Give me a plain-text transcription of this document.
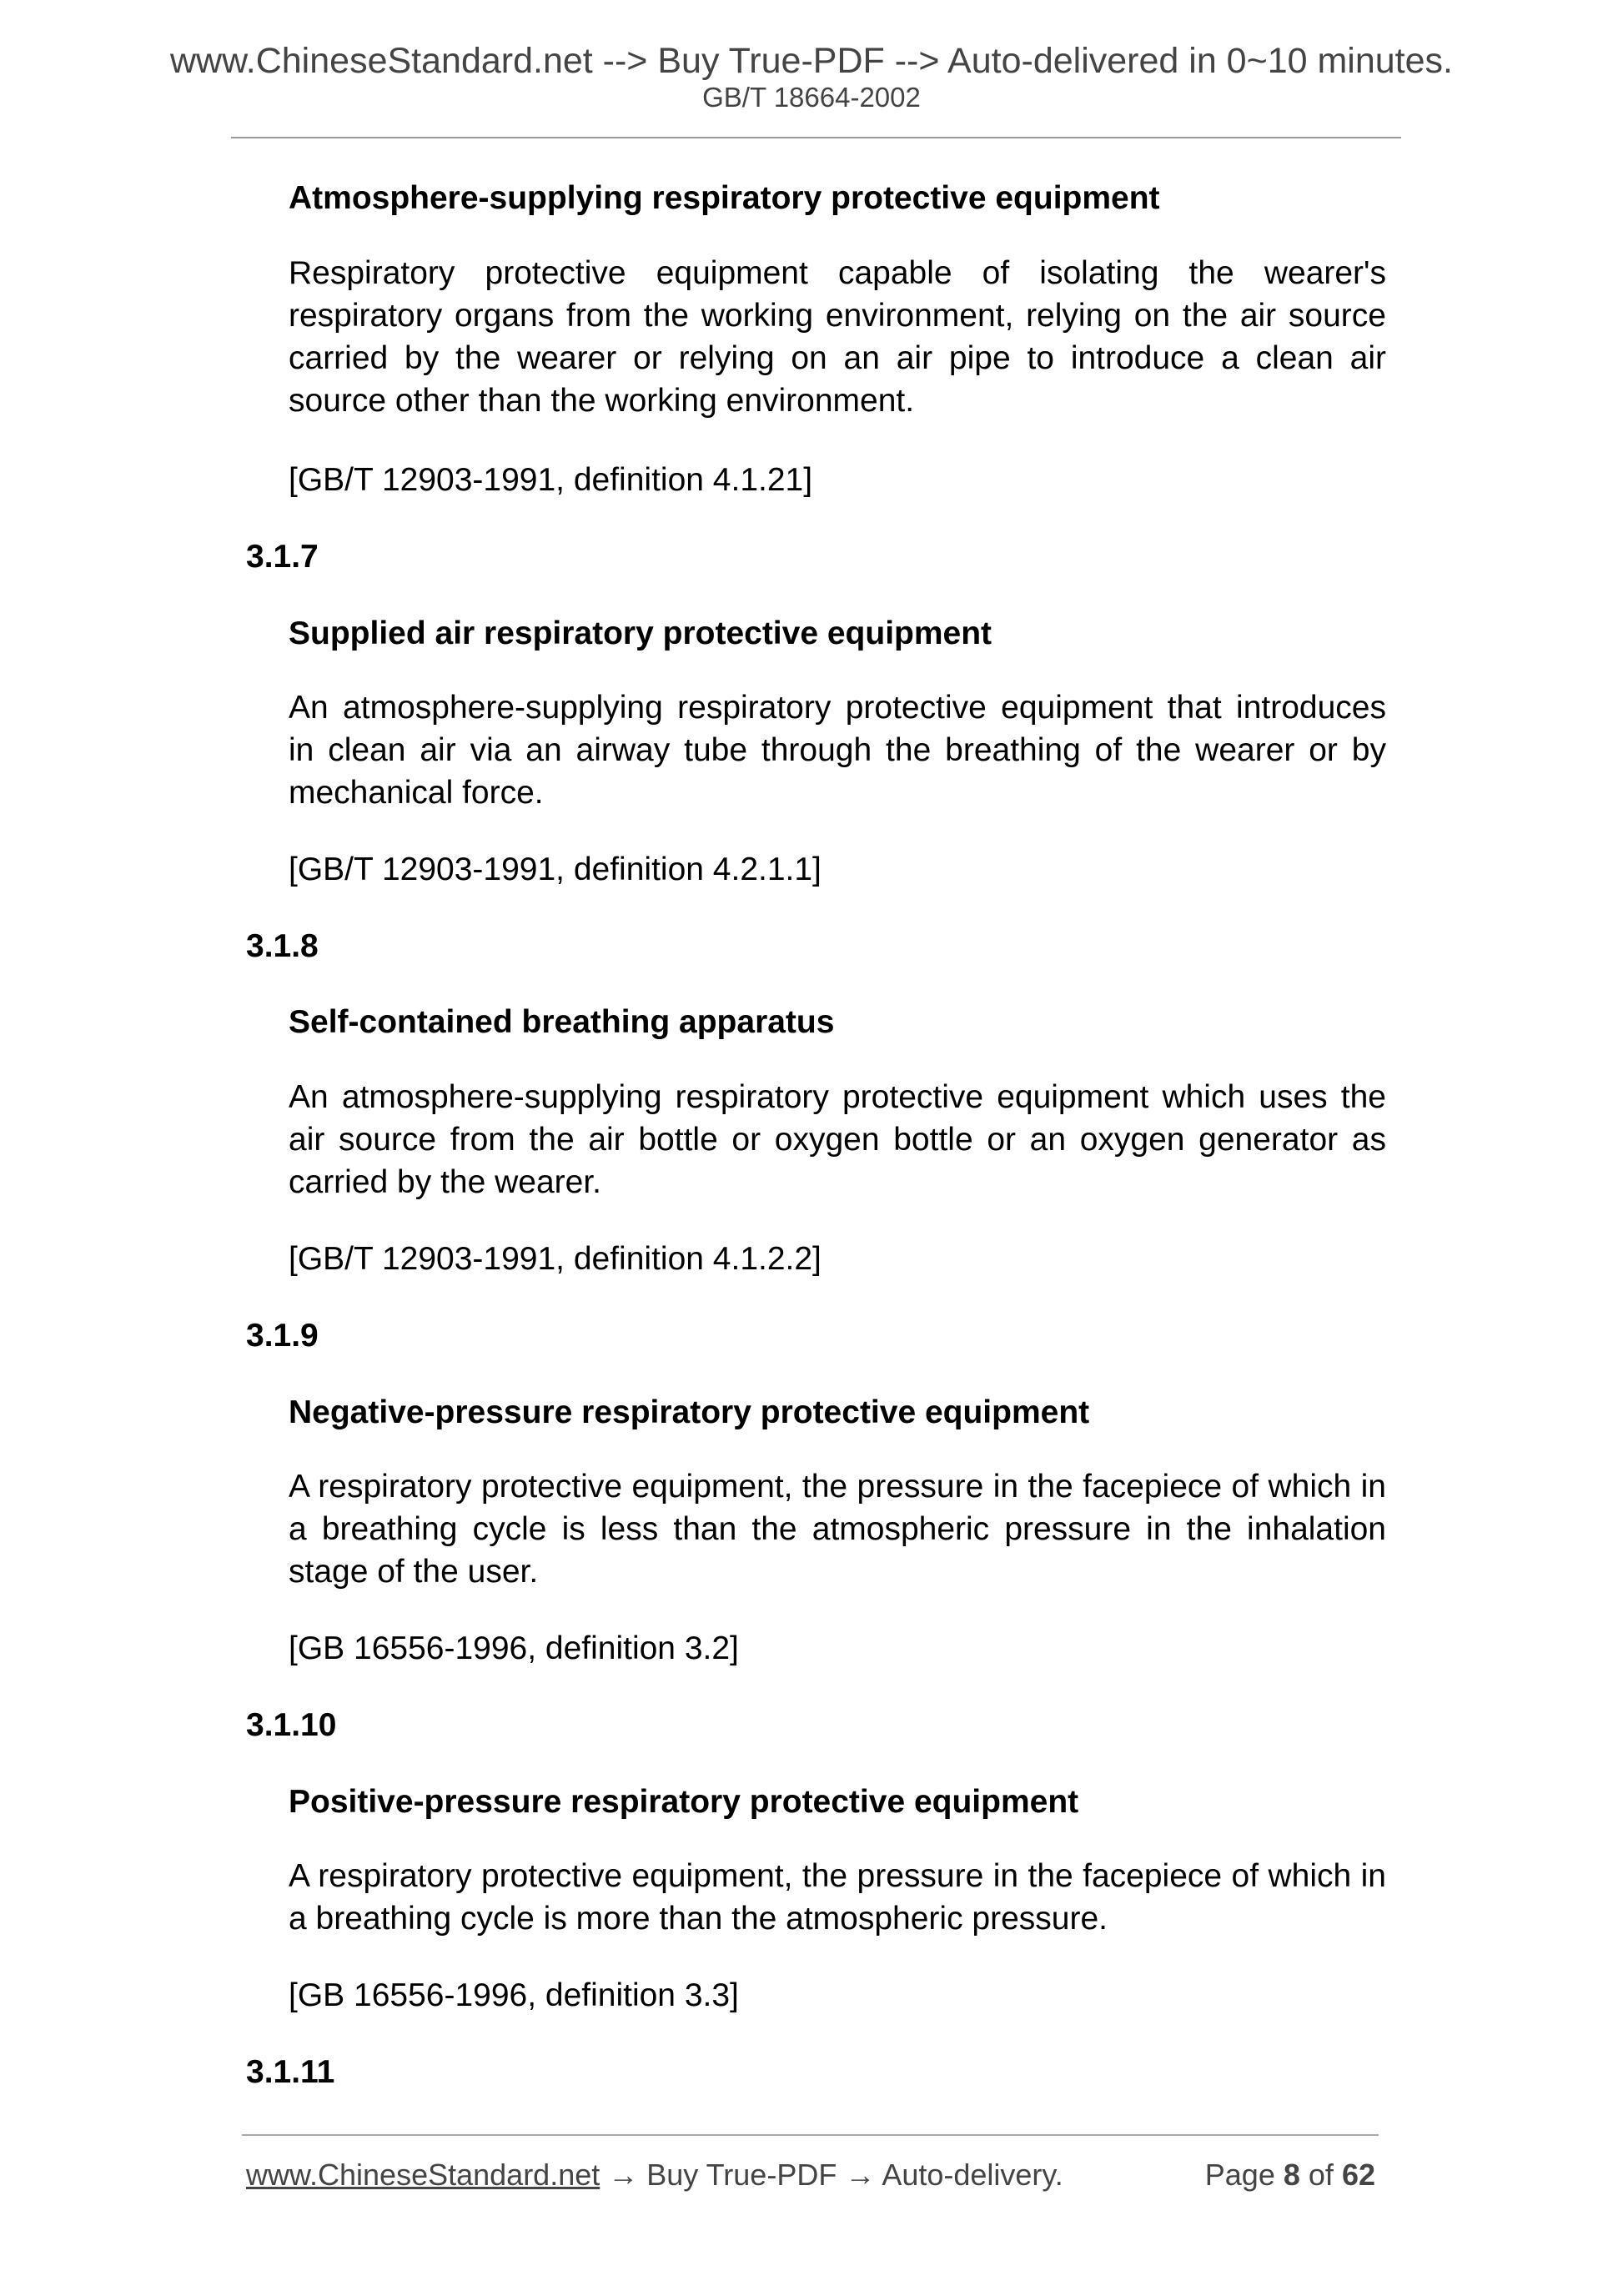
www.ChineseStandard.net --> Buy True-PDF --> Auto-delivered in 0~10 minutes.
GB/T 18664-2002
Atmosphere-supplying respiratory protective equipment
Respiratory protective equipment capable of isolating the wearer's respiratory organs from the working environment, relying on the air source carried by the wearer or relying on an air pipe to introduce a clean air source other than the working environment.
[GB/T 12903-1991, definition 4.1.21]
3.1.7
Supplied air respiratory protective equipment
An atmosphere-supplying respiratory protective equipment that introduces in clean air via an airway tube through the breathing of the wearer or by mechanical force.
[GB/T 12903-1991, definition 4.2.1.1]
3.1.8
Self-contained breathing apparatus
An atmosphere-supplying respiratory protective equipment which uses the air source from the air bottle or oxygen bottle or an oxygen generator as carried by the wearer.
[GB/T 12903-1991, definition 4.1.2.2]
3.1.9
Negative-pressure respiratory protective equipment
A respiratory protective equipment, the pressure in the facepiece of which in a breathing cycle is less than the atmospheric pressure in the inhalation stage of the user.
[GB 16556-1996, definition 3.2]
3.1.10
Positive-pressure respiratory protective equipment
A respiratory protective equipment, the pressure in the facepiece of which in a breathing cycle is more than the atmospheric pressure.
[GB 16556-1996, definition 3.3]
3.1.11
www.ChineseStandard.net → Buy True-PDF → Auto-delivery.	Page 8 of 62
